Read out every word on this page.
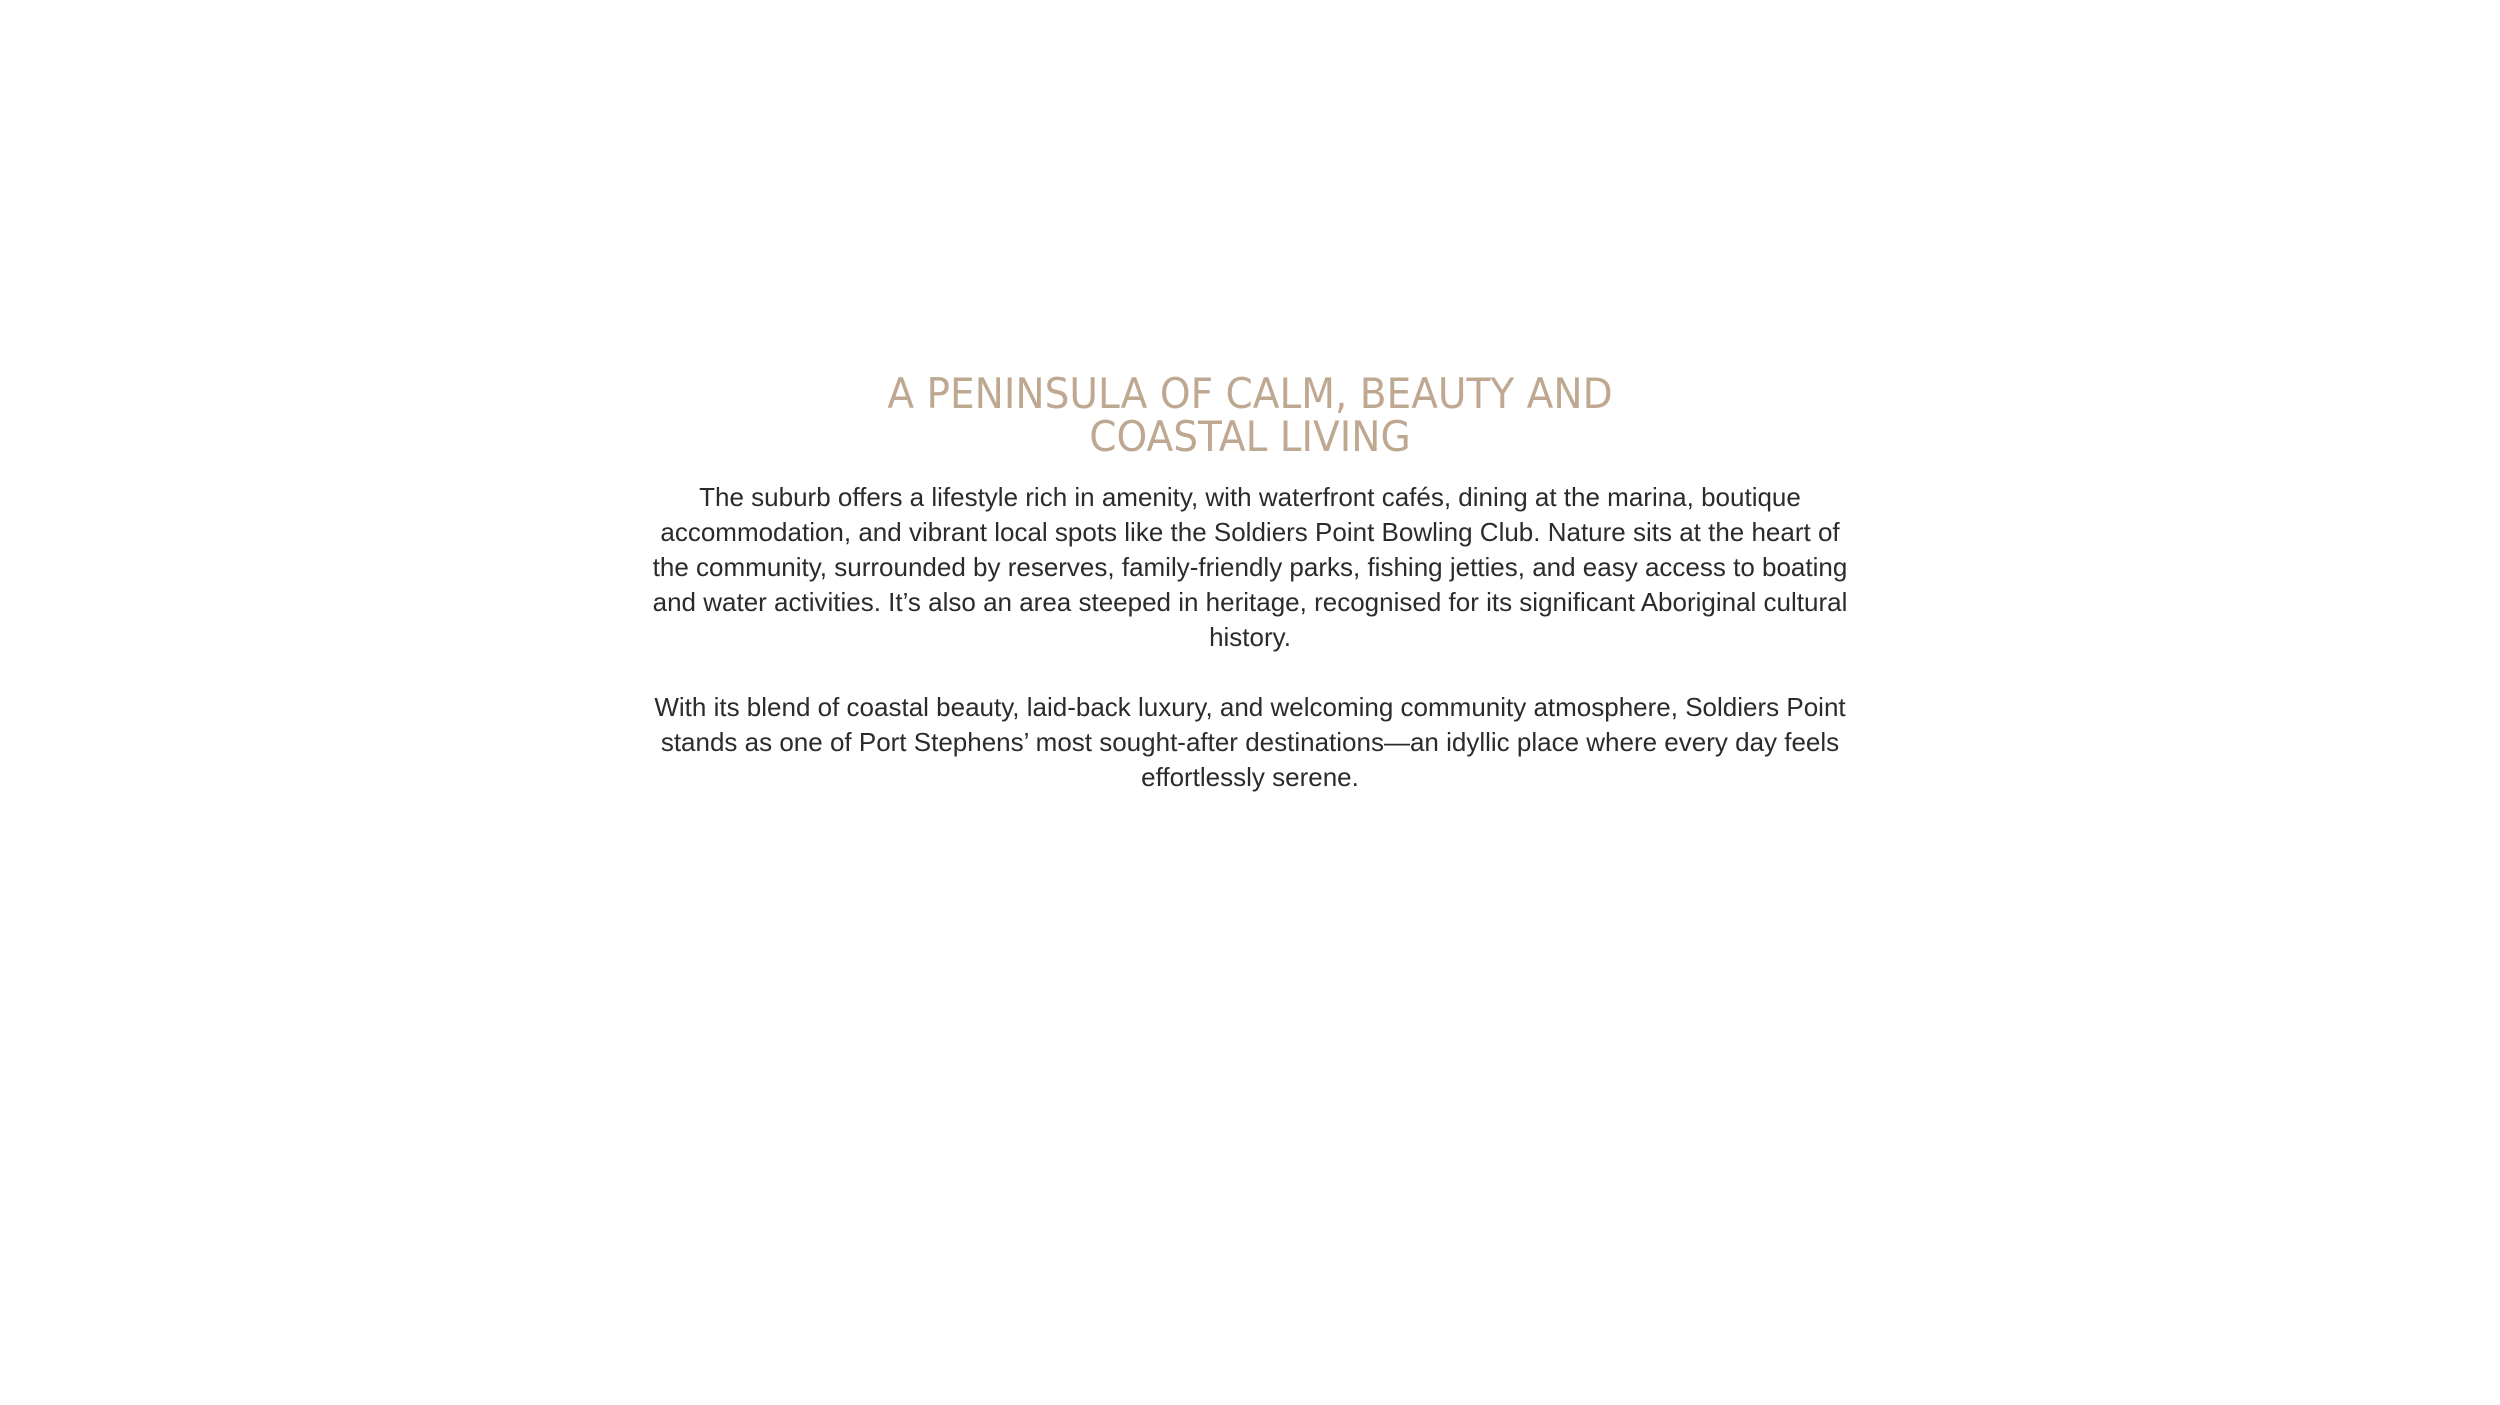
A PENINSULA OF CALM, BEAUTY AND COASTAL LIVING

The suburb offers a lifestyle rich in amenity, with waterfront cafés, dining at the marina, boutique accommodation, and vibrant local spots like the Soldiers Point Bowling Club. Nature sits at the heart of the community, surrounded by reserves, family-friendly parks, fishing jetties, and easy access to boating and water activities. It’s also an area steeped in heritage, recognised for its significant Aboriginal cultural history.

With its blend of coastal beauty, laid-back luxury, and welcoming community atmosphere, Soldiers Point stands as one of Port Stephens’ most sought-after destinations—an idyllic place where every day feels effortlessly serene.
